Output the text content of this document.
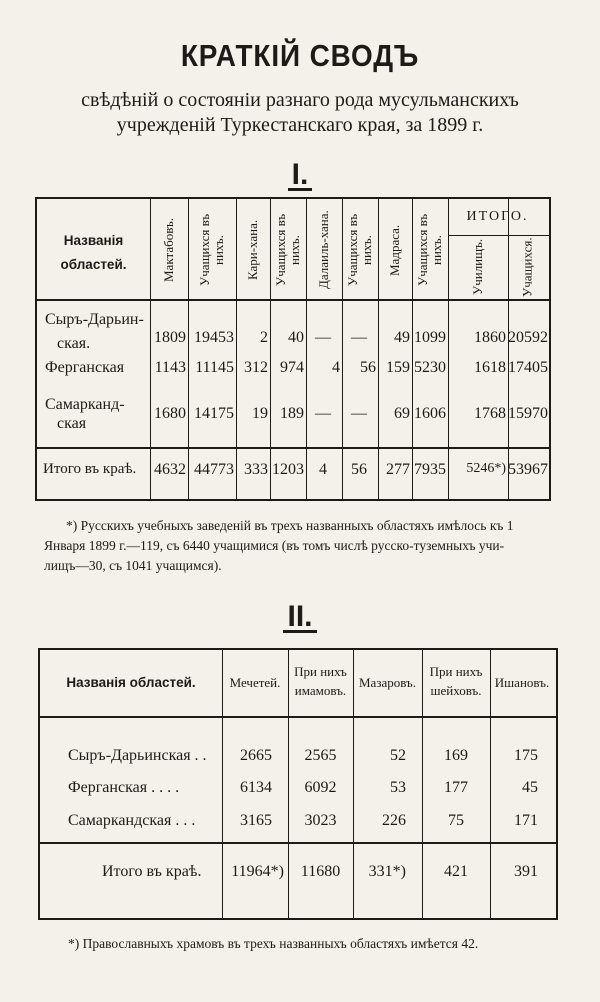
КРАТКІЙ СВОДЪ
свѣдѣній о состояніи разнаго рода мусульманскихъ
учрежденій Туркестанскаго края, за 1899 г.
I.
Названія
областей.
ИТОГО.
Мактабовъ. Учащихся въ нихъ. Кари-хана. Учащихся въ нихъ. Далаиль-хана. Учащихся въ нихъ. Мадраса. Учащихся въ нихъ. Училищъ.	Учащихся.
Сыръ-Дарьин-
ская.	1809 19453	2	40 —	—	49 1099	1860 20592
Ферганская 1143 11145 312 974	4	56 159 5230	1618 17405
Самарканд-
ская
1680 14175	19 189 —	—	69 1606	1768 15970
Итого въ краѣ. 4632 44773 333 1203 4	56	277 7935	5246*) 53967
*) Русскихъ учебныхъ заведеній въ трехъ названныхъ областяхъ имѣлось къ 1
Января 1899 г.—119, съ 6440 учащимися (въ томъ числѣ русско-туземныхъ учи-
лищъ—30, съ 1041 учащимся).
II.
Названія областей.	Мечетей.
При нихъ
имамовъ.
Мазаровъ.
При нихъ
шейховъ.
Ишановъ.
Сыръ-Дарьинская . .	2665	2565	52	169	175
Ферганская . . . .	6134	6092	53	177	45
Самаркандская . . .	3165	3023	226	75	171
Итого въ краѣ.	11964*)	11680	331*)	421	391
*) Православныхъ храмовъ въ трехъ названныхъ областяхъ имѣется 42.
